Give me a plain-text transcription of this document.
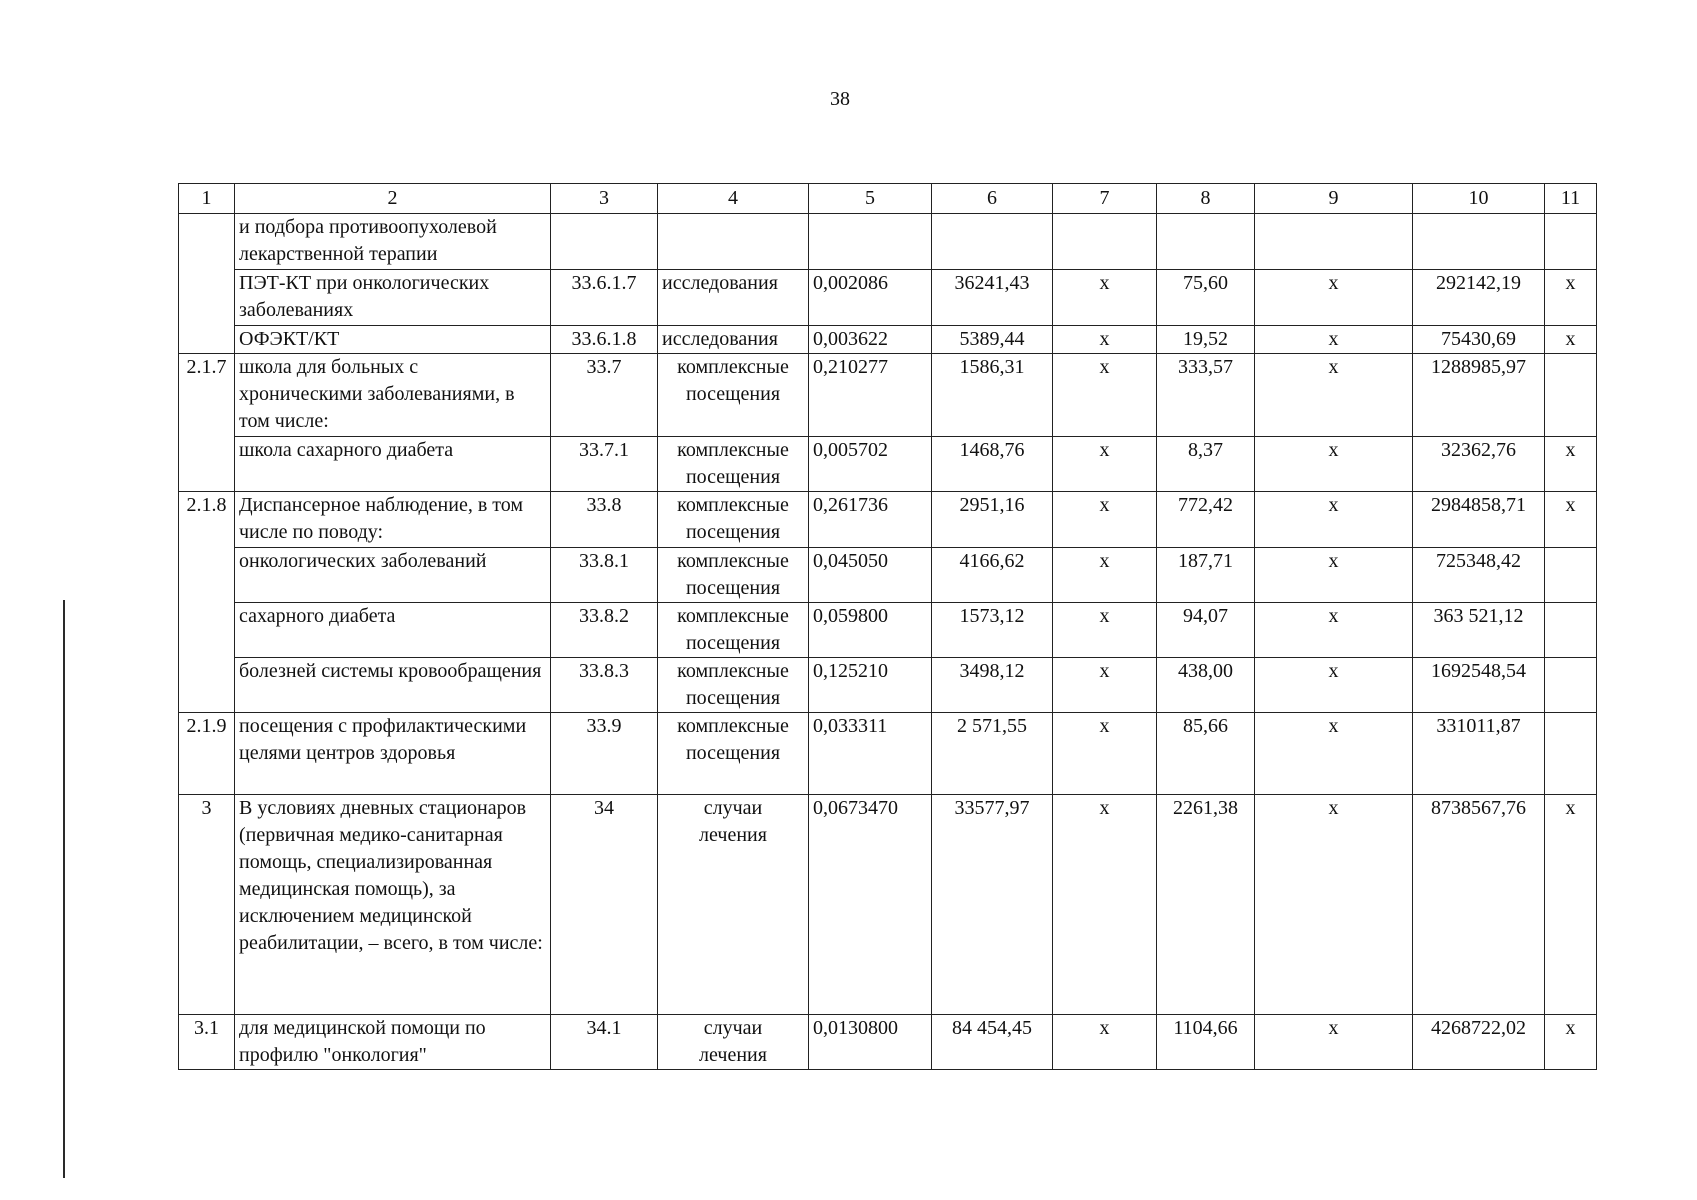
38
1	2	3	4	5	6	7	8	9	10	11
	и подбора противоопухолевой лекарственной терапии									
	ПЭТ-КТ при онкологических заболеваниях	33.6.1.7	исследования	0,002086	36241,43	х	75,60	х	292142,19	х
	ОФЭКТ/КТ	33.6.1.8	исследования	0,003622	5389,44	х	19,52	х	75430,69	х
2.1.7	школа для больных с хроническими заболеваниями, в том числе:	33.7	комплексные посещения	0,210277	1586,31	х	333,57	х	1288985,97	
	школа сахарного диабета	33.7.1	комплексные посещения	0,005702	1468,76	х	8,37	х	32362,76	х
2.1.8	Диспансерное наблюдение, в том числе по поводу:	33.8	комплексные посещения	0,261736	2951,16	х	772,42	х	2984858,71	х
	онкологических заболеваний	33.8.1	комплексные посещения	0,045050	4166,62	х	187,71	х	725348,42	
	сахарного диабета	33.8.2	комплексные посещения	0,059800	1573,12	х	94,07	х	363 521,12	
	болезней системы кровообращения	33.8.3	комплексные посещения	0,125210	3498,12	х	438,00	х	1692548,54	
2.1.9	посещения с профилактическими целями центров здоровья	33.9	комплексные посещения	0,033311	2 571,55	х	85,66	х	331011,87	
3	В условиях дневных стационаров (первичная медико-санитарная помощь, специализированная медицинская помощь), за исключением медицинской реабилитации, – всего, в том числе:	34	случаи лечения	0,0673470	33577,97	х	2261,38	х	8738567,76	х
3.1	для медицинской помощи по профилю "онкология"	34.1	случаи лечения	0,0130800	84 454,45	х	1104,66	х	4268722,02	х
